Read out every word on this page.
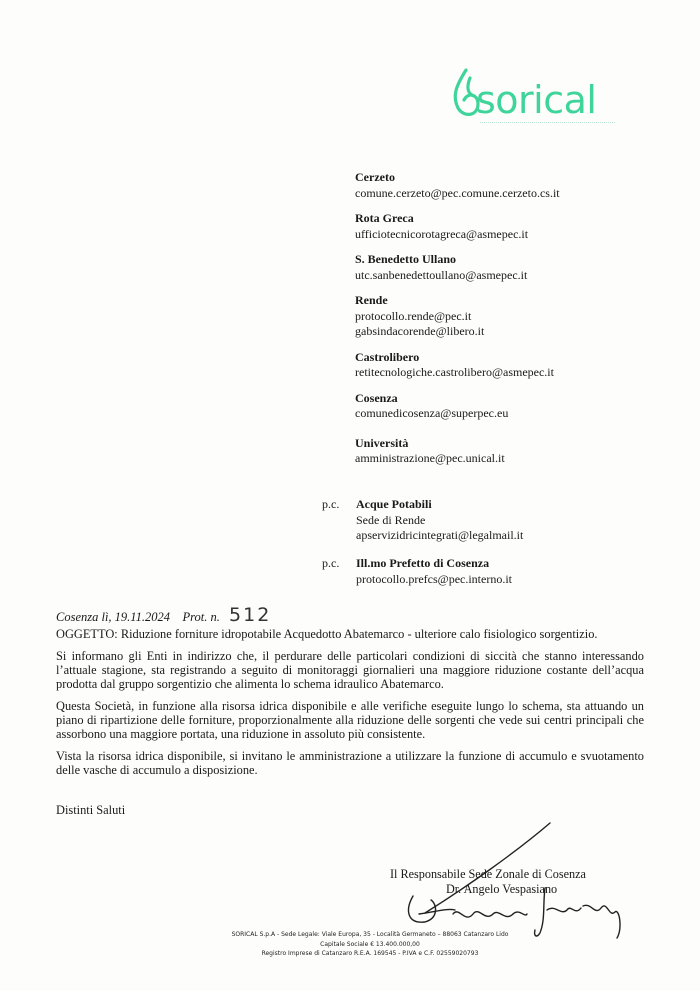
sorical
Cerzeto
comune.cerzeto@pec.comune.cerzeto.cs.it
Rota Greca
ufficiotecnicorotagreca@asmepec.it
S. Benedetto Ullano
utc.sanbenedettoullano@asmepec.it
Rende
protocollo.rende@pec.it
gabsindacorende@libero.it
Castrolibero
retitecnologiche.castrolibero@asmepec.it
Cosenza
comunedicosenza@superpec.eu
Università
amministrazione@pec.unical.it
p.c. Acque Potabili
Sede di Rende
apservizidricintegrati@legalmail.it
p.c. Ill.mo Prefetto di Cosenza
protocollo.prefcs@pec.interno.it
Cosenza lì, 19.11.2024 Prot. n. 512

OGGETTO: Riduzione forniture idropotabile Acquedotto Abatemarco - ulteriore calo fisiologico sorgentizio.

Si informano gli Enti in indirizzo che, il perdurare delle particolari condizioni di siccità che stanno interessando l’attuale stagione, sta registrando a seguito di monitoraggi giornalieri una maggiore riduzione costante dell’acqua prodotta dal gruppo sorgentizio che alimenta lo schema idraulico Abatemarco.

Questa Società, in funzione alla risorsa idrica disponibile e alle verifiche eseguite lungo lo schema, sta attuando un piano di ripartizione delle forniture, proporzionalmente alla riduzione delle sorgenti che vede sui centri principali che assorbono una maggiore portata, una riduzione in assoluto più consistente.

Vista la risorsa idrica disponibile, si invitano le amministrazione a utilizzare la funzione di accumulo e svuotamento delle vasche di accumulo a disposizione.

Distinti Saluti
Il Responsabile Sede Zonale di Cosenza
Dr. Angelo Vespasiano
SORICAL S.p.A - Sede Legale: Viale Europa, 35 - Località Germaneto – 88063 Catanzaro Lido
Capitale Sociale € 13.400.000,00
Registro Imprese di Catanzaro R.E.A. 169545 - P.IVA e C.F. 02559020793
